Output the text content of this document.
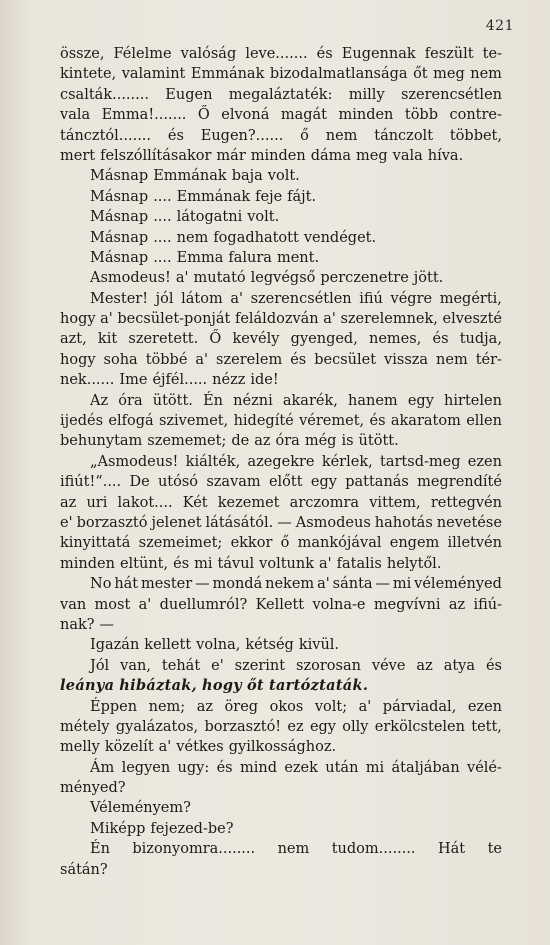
421
össze, Félelme valóság leve....... és Eugennak feszült te-
kintete, valamint Emmának bizodalmatlansága őt meg nem
csalták........ Eugen megaláztaték: milly szerencsétlen
vala Emma!....... Ő elvoná magát minden több contre-
táncztól....... és Eugen?...... ő nem tánczolt többet,
mert felszóllításakor már minden dáma meg vala híva.
Másnap Emmának baja volt.
Másnap .... Emmának feje fájt.
Másnap .... látogatni volt.
Másnap .... nem fogadhatott vendéget.
Másnap .... Emma falura ment.
Asmodeus! a' mutató legvégső perczenetre jött.
Mester! jól látom a' szerencsétlen ifiú végre megérti,
hogy a' becsület-ponját feláldozván a' szerelemnek, elveszté
azt, kit szeretett. Ő kevély gyenged, nemes, és tudja,
hogy soha többé a' szerelem és becsület vissza nem tér-
nek...... Ime éjfél..... nézz ide!
Az óra ütött. Én nézni akarék, hanem egy hirtelen
ijedés elfogá szivemet, hidegíté véremet, és akaratom ellen
behunytam szememet; de az óra még is ütött.
„Asmodeus! kiálték, azegekre kérlek, tartsd-meg ezen
ifiút!“.... De utósó szavam előtt egy pattanás megrendíté
az uri lakot.... Két kezemet arczomra vittem, rettegvén
e' borzasztó jelenet látásától. — Asmodeus hahotás nevetése
kinyittatá szemeimet; ekkor ő mankójával engem illetvén
minden eltünt, és mi távul voltunk a' fatalis helytől.
No hát mester — mondá nekem a' sánta — mi véleményed
van most a' duellumról? Kellett volna-e megvívni az ifiú-
nak? —
Igazán kellett volna, kétség kivül.
Jól van, tehát e' szerint szorosan véve az atya és
leánya hibáztak, hogy őt tartóztaták.
Éppen nem; az öreg okos volt; a' párviadal, ezen
métely gyalázatos, borzasztó! ez egy olly erkölcstelen tett,
melly közelít a' vétkes gyilkossághoz.
Ám legyen ugy: és mind ezek után mi átaljában vélé-
ményed?
Véleményem?
Miképp fejezed-be?
Én bizonyomra........ nem tudom........ Hát te
sátán?
